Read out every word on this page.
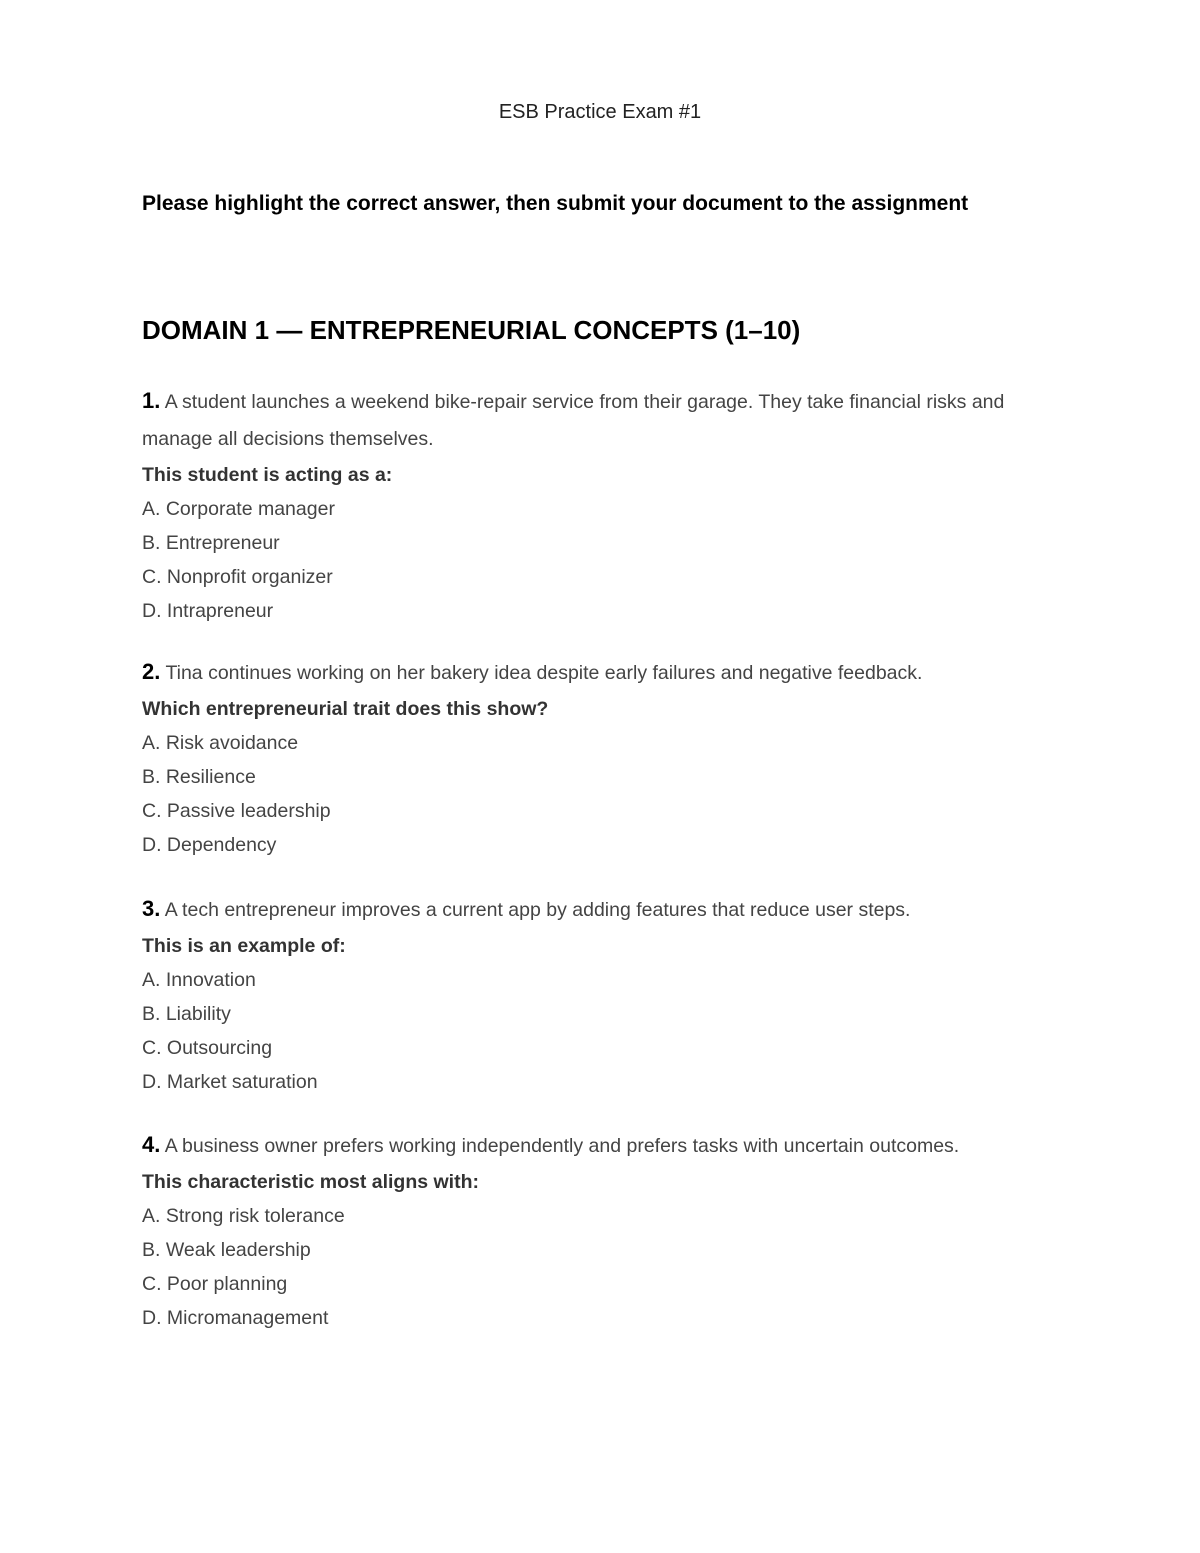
ESB Practice Exam #1
Please highlight the correct answer, then submit your document to the assignment
DOMAIN 1 — ENTREPRENEURIAL CONCEPTS (1–10)

1. A student launches a weekend bike-repair service from their garage. They take financial risks and manage all decisions themselves.

This student is acting as a:

A. Corporate manager
B. Entrepreneur
C. Nonprofit organizer
D. Intrapreneur

2. Tina continues working on her bakery idea despite early failures and negative feedback.

Which entrepreneurial trait does this show?

A. Risk avoidance
B. Resilience
C. Passive leadership
D. Dependency

3. A tech entrepreneur improves a current app by adding features that reduce user steps.

This is an example of:

A. Innovation
B. Liability
C. Outsourcing
D. Market saturation

4. A business owner prefers working independently and prefers tasks with uncertain outcomes.

This characteristic most aligns with:

A. Strong risk tolerance
B. Weak leadership
C. Poor planning
D. Micromanagement
